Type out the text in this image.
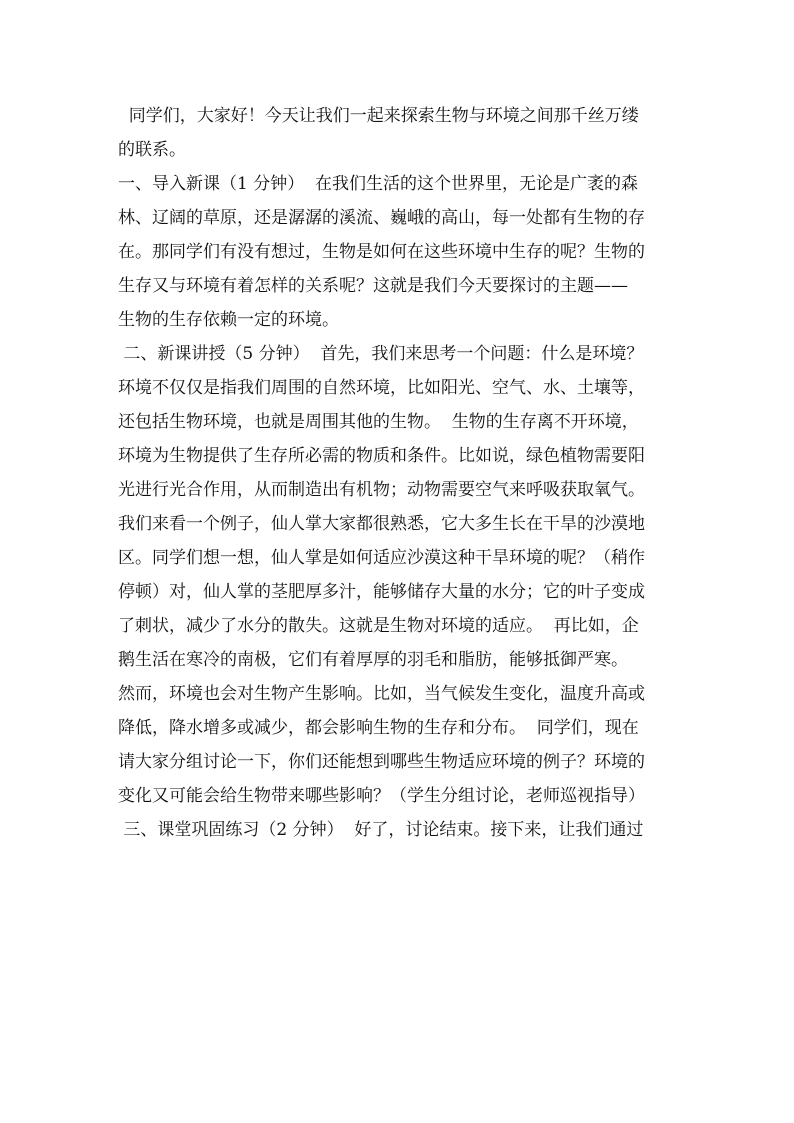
同学们，大家好！今天让我们一起来探索生物与环境之间那千丝万缕
的联系。
一、导入新课（1 分钟）  在我们生活的这个世界里，无论是广袤的森
林、辽阔的草原，还是潺潺的溪流、巍峨的高山，每一处都有生物的存
在。那同学们有没有想过，生物是如何在这些环境中生存的呢？生物的
生存又与环境有着怎样的关系呢？这就是我们今天要探讨的主题——
生物的生存依赖一定的环境。
二、新课讲授（5 分钟）  首先，我们来思考一个问题：什么是环境？
环境不仅仅是指我们周围的自然环境，比如阳光、空气、水、土壤等，
还包括生物环境，也就是周围其他的生物。  生物的生存离不开环境，
环境为生物提供了生存所必需的物质和条件。比如说，绿色植物需要阳
光进行光合作用，从而制造出有机物；动物需要空气来呼吸获取氧气。
我们来看一个例子，仙人掌大家都很熟悉，它大多生长在干旱的沙漠地
区。同学们想一想，仙人掌是如何适应沙漠这种干旱环境的呢？（稍作
停顿）对，仙人掌的茎肥厚多汁，能够储存大量的水分；它的叶子变成
了刺状，减少了水分的散失。这就是生物对环境的适应。  再比如，企
鹅生活在寒冷的南极，它们有着厚厚的羽毛和脂肪，能够抵御严寒。
然而，环境也会对生物产生影响。比如，当气候发生变化，温度升高或
降低，降水增多或减少，都会影响生物的生存和分布。  同学们，现在
请大家分组讨论一下，你们还能想到哪些生物适应环境的例子？环境的
变化又可能会给生物带来哪些影响？（学生分组讨论，老师巡视指导）
三、课堂巩固练习（2 分钟）  好了，讨论结束。接下来，让我们通过
